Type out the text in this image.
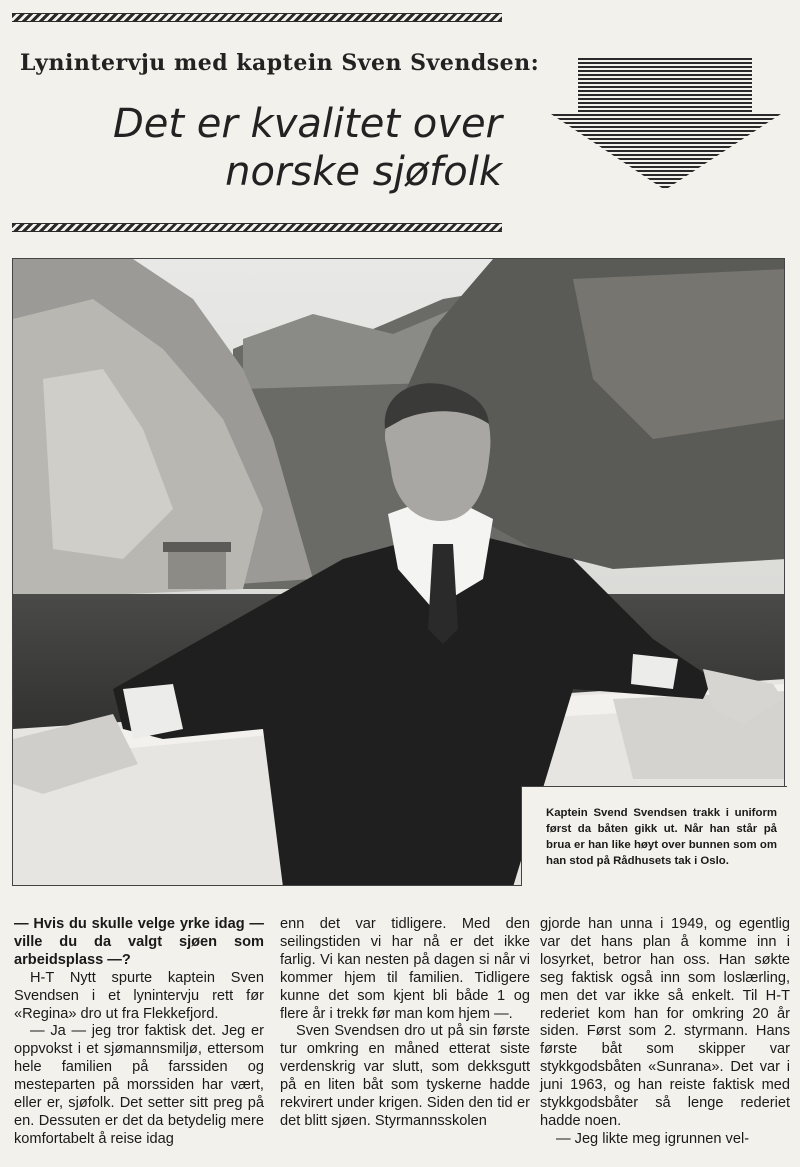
Lynintervju med kaptein Sven Svendsen:
Det er kvalitet over
norske sjøfolk
Kaptein Svend Svendsen trakk i uniform først da båten gikk ut. Når han står på brua er han like høyt over bunnen som om han stod på Rådhusets tak i Oslo.

— Hvis du skulle velge yrke idag — ville du da valgt sjøen som arbeidsplass —?

H-T Nytt spurte kaptein Sven Svendsen i et lynintervju rett før «Regina» dro ut fra Flekkefjord.

— Ja — jeg tror faktisk det. Jeg er oppvokst i et sjømannsmiljø, ettersom hele familien på farssiden og mesteparten på morssiden har vært, eller er, sjøfolk. Det setter sitt preg på en. Dessuten er det da betydelig mere komfortabelt å reise idag

enn det var tidligere. Med den seilingstiden vi har nå er det ikke farlig. Vi kan nesten på dagen si når vi kommer hjem til familien. Tidligere kunne det som kjent bli både 1 og flere år i trekk før man kom hjem —.

Sven Svendsen dro ut på sin første tur omkring en måned etterat siste verdenskrig var slutt, som dekksgutt på en liten båt som tyskerne hadde rekvirert under krigen. Siden den tid er det blitt sjøen. Styrmannsskolen

gjorde han unna i 1949, og egentlig var det hans plan å komme inn i losyrket, betror han oss. Han søkte seg faktisk også inn som loslærling, men det var ikke så enkelt. Til H-T rederiet kom han for omkring 20 år siden. Først som 2. styrmann. Hans første båt som skipper var stykkgodsbåten «Sunrana». Det var i juni 1963, og han reiste faktisk med stykkgodsbåter så lenge rederiet hadde noen.

— Jeg likte meg igrunnen vel-
